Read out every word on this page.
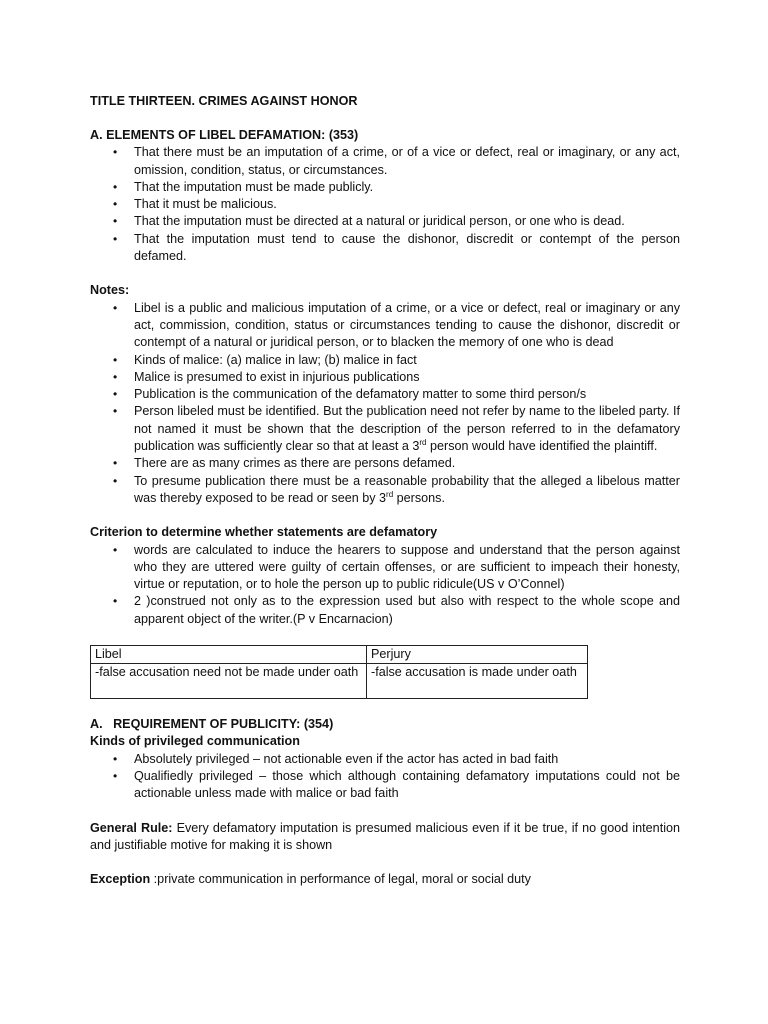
TITLE THIRTEEN. CRIMES AGAINST HONOR
A. ELEMENTS OF LIBEL DEFAMATION: (353)
• That there must be an imputation of a crime, or of a vice or defect, real or imaginary, or any act, omission, condition, status, or circumstances.
• That the imputation must be made publicly.
• That it must be malicious.
• That the imputation must be directed at a natural or juridical person, or one who is dead.
• That the imputation must tend to cause the dishonor, discredit or contempt of the person defamed.
Notes:
• Libel is a public and malicious imputation of a crime, or a vice or defect, real or imaginary or any act, commission, condition, status or circumstances tending to cause the dishonor, discredit or contempt of a natural or juridical person, or to blacken the memory of one who is dead
• Kinds of malice: (a) malice in law; (b) malice in fact
• Malice is presumed to exist in injurious publications
• Publication is the communication of the defamatory matter to some third person/s
• Person libeled must be identified. But the publication need not refer by name to the libeled party. If not named it must be shown that the description of the person referred to in the defamatory publication was sufficiently clear so that at least a 3rd person would have identified the plaintiff.
• There are as many crimes as there are persons defamed.
• To presume publication there must be a reasonable probability that the alleged a libelous matter was thereby exposed to be read or seen by 3rd persons.
Criterion to determine whether statements are defamatory
• words are calculated to induce the hearers to suppose and understand that the person against who they are uttered were guilty of certain offenses, or are sufficient to impeach their honesty, virtue or reputation, or to hole the person up to public ridicule(US v O’Connel)
• 2 )construed not only as to the expression used but also with respect to the whole scope and apparent object of the writer.(P v Encarnacion)
Libel	Perjury
-false accusation need not be made under oath	-false accusation is made under oath
A.   REQUIREMENT OF PUBLICITY: (354)
Kinds of privileged communication
• Absolutely privileged – not actionable even if the actor has acted in bad faith
• Qualifiedly privileged – those which although containing defamatory imputations could not be actionable unless made with malice or bad faith

General Rule: Every defamatory imputation is presumed malicious even if it be true, if no good intention and justifiable motive for making it is shown

Exception :private communication in performance of legal, moral or social duty
